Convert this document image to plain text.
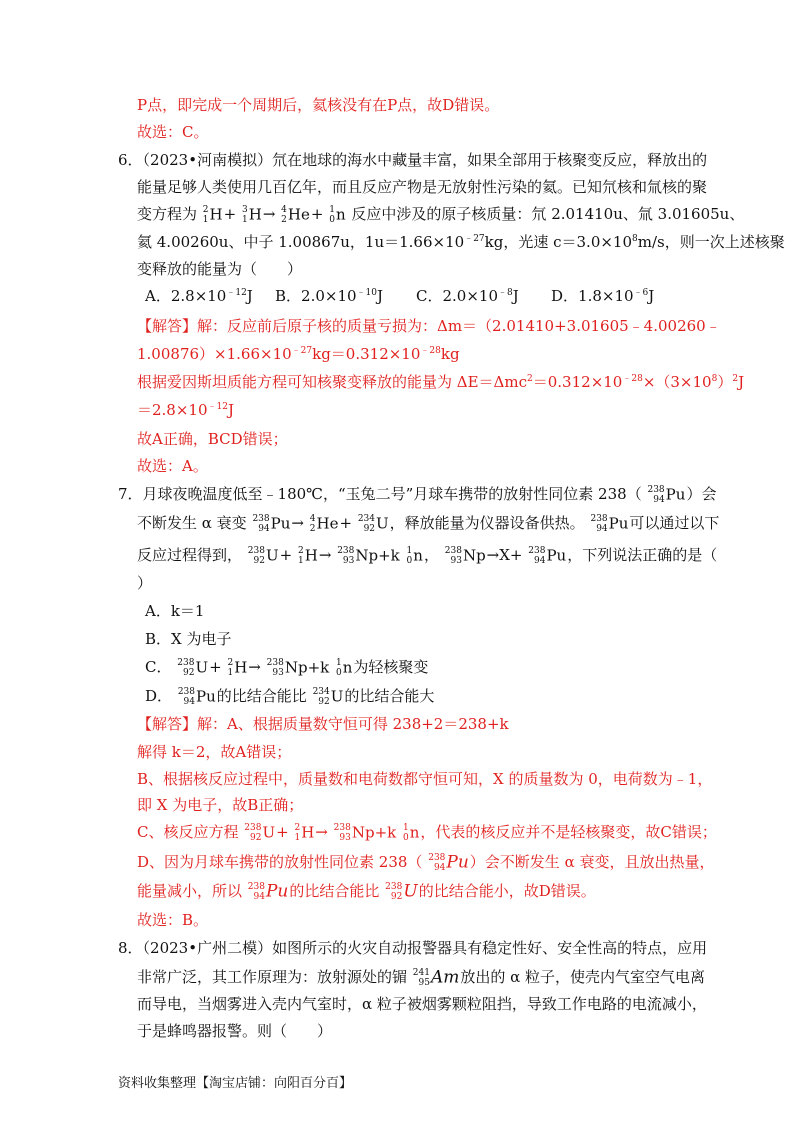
P点，即完成一个周期后，氦核没有在P点，故D错误。
故选：C。
6．（2023•河南模拟）氘在地球的海水中藏量丰富，如果全部用于核聚变反应，释放出的
能量足够人类使用几百亿年，而且反应产物是无放射性污染的氦。已知氘核和氚核的聚
变方程为 2
1 H+ 3
1 H→ 4
2 He+ 1
0 n 反应中涉及的原子核质量：氘 2.01410u、氚 3.01605u、
氦 4.00260u、中子 1.00867u，$1u=1.66\times 10^{﹣27}kg$，光速 $c=3.0\times 10^8m/s$，则一次上述核聚
变释放的能量为（　　）
A．$2.8\times 10^{﹣12}J$ B．$2.0\times 10^{﹣10}J$ C．$2.0\times 10^{﹣8}J$ D．$1.8\times 10^{﹣6}J$
【解答】解：反应前后原子核的质量亏损为：Δm＝（2.01410+3.01605﹣4.00260﹣
$1.00876)\times 1.66\times 10^{﹣27}kg=0.312\times 10^{﹣28}kg$
根据爱因斯坦质能方程可知核聚变释放的能量为 $\Delta E=\Delta mc^2=0.312\times 10^{﹣28}\times(3\times 10^8)^2J$
$=2.8\times 10^{﹣12}J$
故A正确，BCD错误；
故选：A。
7．月球夜晚温度低至﹣180℃，“玉兔二号”月球车携带的放射性同位素 238（ 238
94 Pu）会
不断发生 α 衰变 238
94 Pu→ 4
2 He+ 234
92 U，释放能量为仪器设备供热。 238
94 Pu可以通过以下
反应过程得到， 238
92 U+ 2
1 H→ 238
93 Np+k 1
0 n， 238
93 Np→X+ 238
94 Pu，下列说法正确的是（
）
A．k＝1
B．X 为电子
C． 238
92 U+ 2
1 H→ 238
93 Np+k 1
0 n为轻核聚变
D． 238
94 Pu的比结合能比 234
92 U的比结合能大
【解答】解：A、根据质量数守恒可得 238+2＝238+k
解得 k＝2，故A错误；
B、根据核反应过程中，质量数和电荷数都守恒可知，X 的质量数为 0，电荷数为﹣1，
即 X 为电子，故B正确；
C、核反应方程 238
92 U+ 2
1 H→ 238
93 Np+k 1
0 n，代表的核反应并不是轻核聚变，故C错误；
D、因为月球车携带的放射性同位素 238（ 238
94 Pu）会不断发生 α 衰变，且放出热量，
能量减小，所以 238
94 Pu的比结合能比 238
92 U的比结合能小，故D错误。
故选：B。
8．（2023•广州二模）如图所示的火灾自动报警器具有稳定性好、安全性高的特点，应用
非常广泛，其工作原理为：放射源处的镅 241
95 Am放出的 α 粒子，使壳内气室空气电离
而导电，当烟雾进入壳内气室时，α 粒子被烟雾颗粒阻挡，导致工作电路的电流减小，
于是蜂鸣器报警。则（　　）
资料收集整理【淘宝店铺：向阳百分百】
